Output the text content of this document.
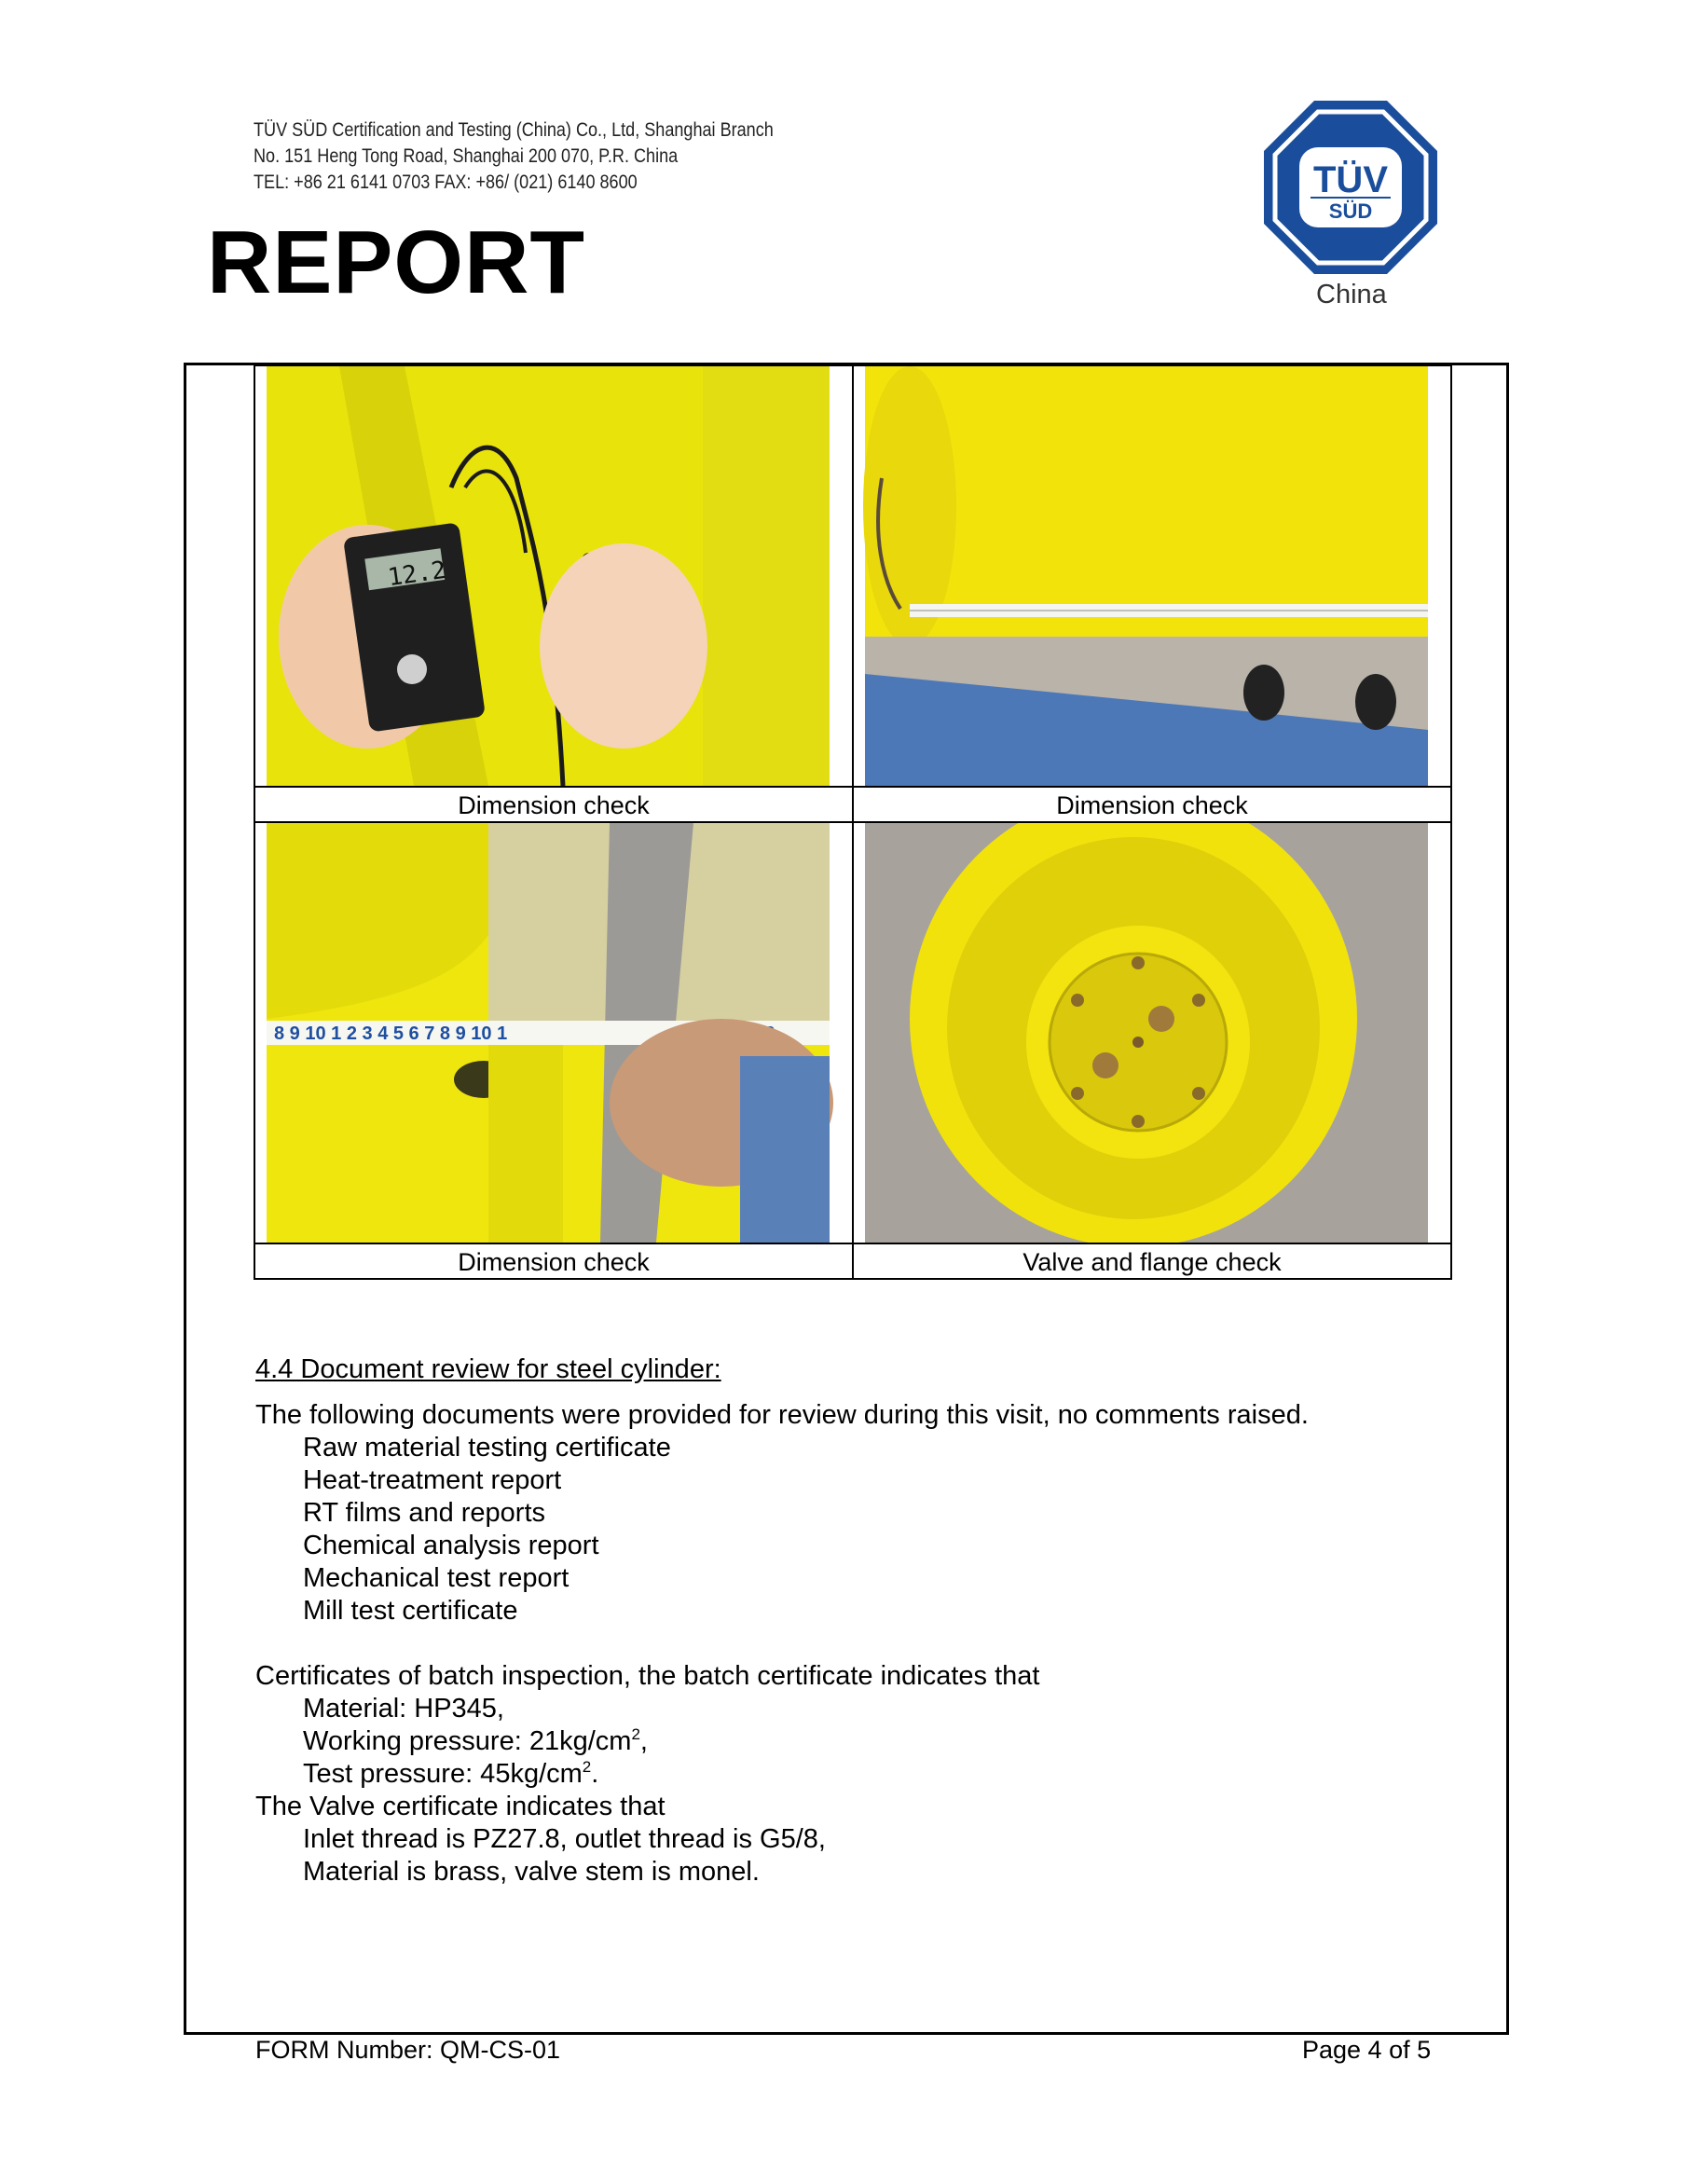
TÜV SÜD Certification and Testing (China) Co., Ltd, Shanghai Branch
No. 151 Heng Tong Road, Shanghai 200 070, P.R. China
TEL: +86 21 6141 0703 FAX: +86/ (021) 6140 8600
REPORT
TÜV
SÜD
China
12.2

Dimension check	Dimension check

8 9 10 1 2 3 4 5 6 7 8 9 10 1

Dimension check	Valve and flange check
4.4 Document review for steel cylinder:
The following documents were provided for review during this visit, no comments raised.
Raw material testing certificate
Heat-treatment report
RT films and reports
Chemical analysis report
Mechanical test report
Mill test certificate
Certificates of batch inspection, the batch certificate indicates that
Material: HP345,
Working pressure: $21kg/cm^2$,
Test pressure: $45kg/cm^2$.
The Valve certificate indicates that
Inlet thread is PZ27.8, outlet thread is G5/8,
Material is brass, valve stem is monel.
FORM Number: QM-CS-01	Page 4 of 5
